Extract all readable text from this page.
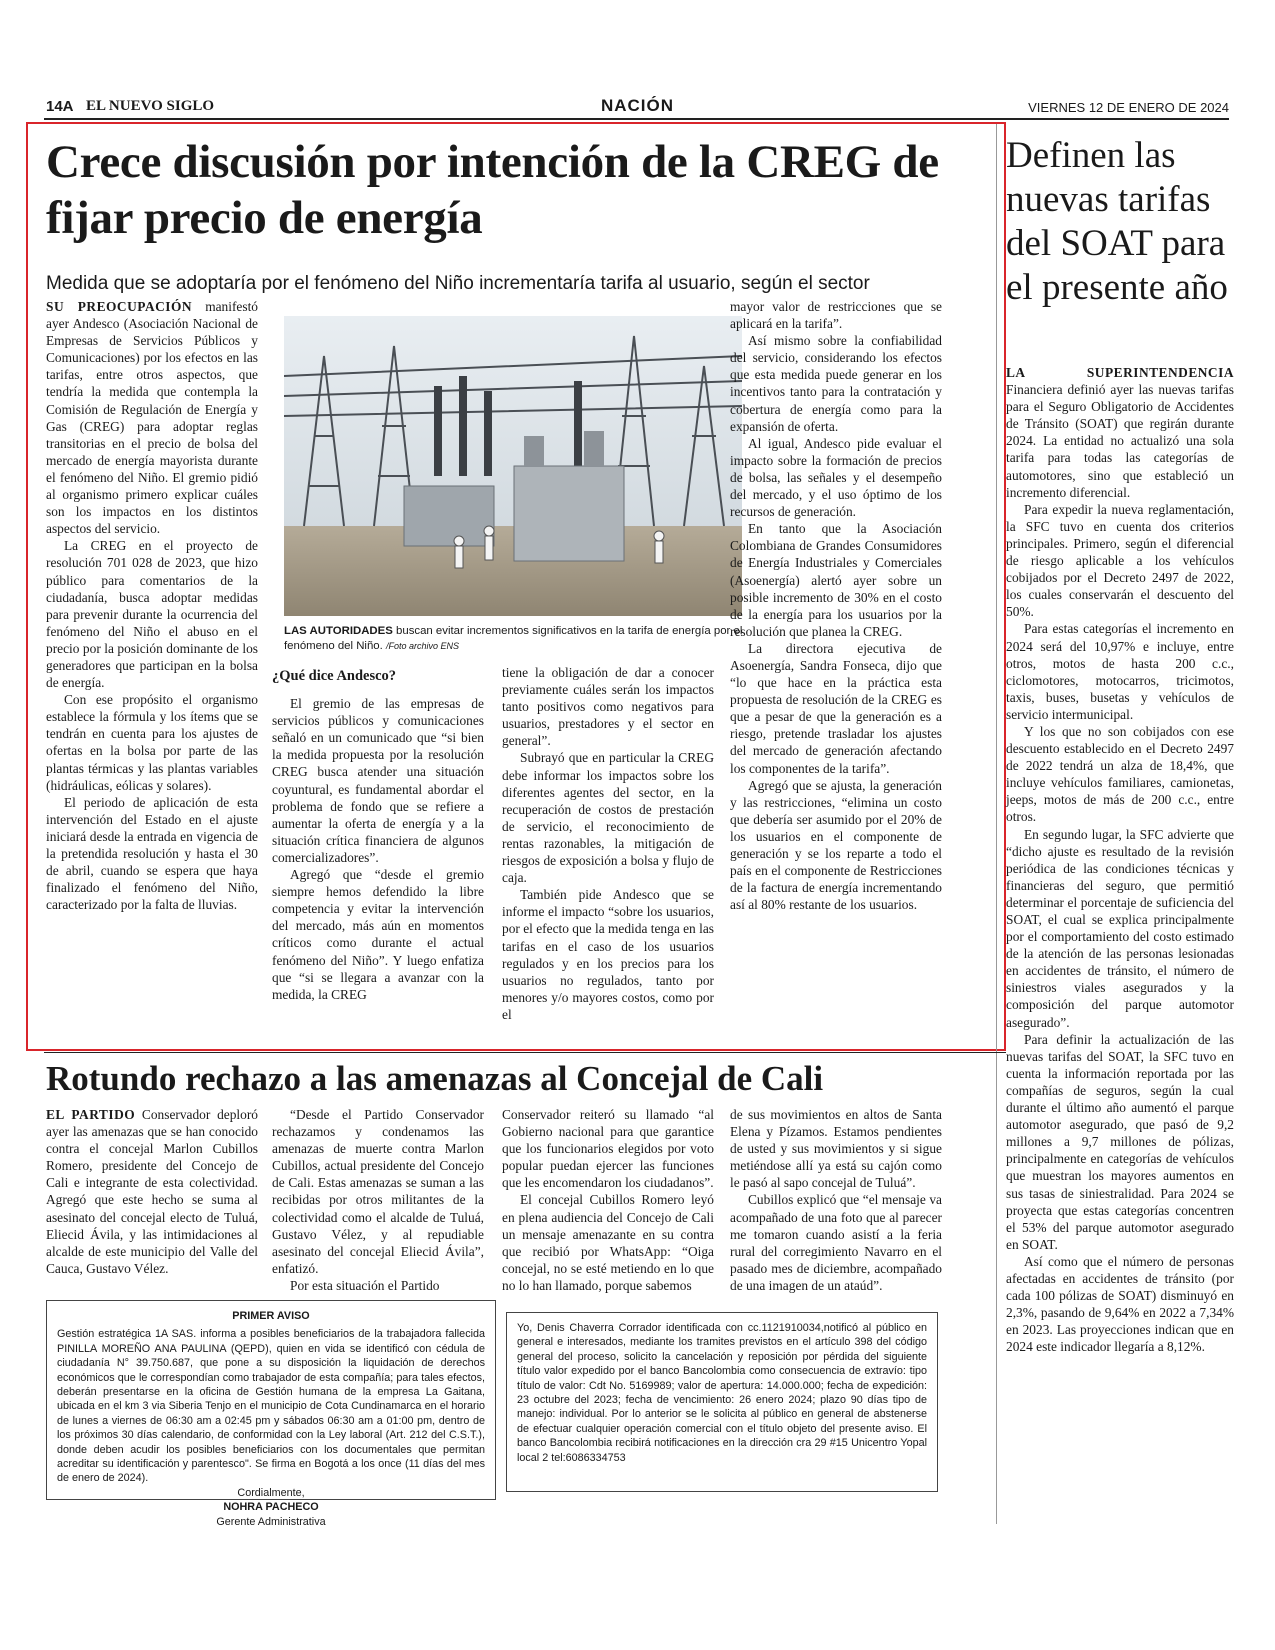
14A EL NUEVO SIGLO	NACIÓN	VIERNES 12 DE ENERO DE 2024
Crece discusión por intención de la CREG de fijar precio de energía
Medida que se adoptaría por el fenómeno del Niño incrementaría tarifa al usuario, según el sector

SU PREOCUPACIÓN manifestó ayer Andesco (Asociación Nacional de Empresas de Servicios Públicos y Comunicaciones) por los efectos en las tarifas, entre otros aspectos, que tendría la medida que contempla la Comisión de Regulación de Energía y Gas (CREG) para adoptar reglas transitorias en el precio de bolsa del mercado de energía mayorista durante el fenómeno del Niño. El gremio pidió al organismo primero explicar cuáles son los impactos en los distintos aspectos del servicio.

La CREG en el proyecto de resolución 701 028 de 2023, que hizo público para comentarios de la ciudadanía, busca adoptar medidas para prevenir durante la ocurrencia del fenómeno del Niño el abuso en el precio por la posición dominante de los generadores que participan en la bolsa de energía.

Con ese propósito el organismo establece la fórmula y los ítems que se tendrán en cuenta para los ajustes de ofertas en la bolsa por parte de las plantas térmicas y las plantas variables (hidráulicas, eólicas y solares).

El periodo de aplicación de esta intervención del Estado en el ajuste iniciará desde la entrada en vigencia de la pretendida resolución y hasta el 30 de abril, cuando se espera que haya finalizado el fenómeno del Niño, caracterizado por la falta de lluvias.

LAS AUTORIDADES buscan evitar incrementos significativos en la tarifa de energía por el fenómeno del Niño. /Foto archivo ENS
¿Qué dice Andesco?

El gremio de las empresas de servicios públicos y comunicaciones señaló en un comunicado que “si bien la medida propuesta por la resolución CREG busca atender una situación coyuntural, es fundamental abordar el problema de fondo que se refiere a aumentar la oferta de energía y a la situación crítica financiera de algunos comercializadores”.

Agregó que “desde el gremio siempre hemos defendido la libre competencia y evitar la intervención del mercado, más aún en momentos críticos como durante el actual fenómeno del Niño”. Y luego enfatiza que “si se llegara a avanzar con la medida, la CREG

tiene la obligación de dar a conocer previamente cuáles serán los impactos tanto positivos como negativos para usuarios, prestadores y el sector en general”.

Subrayó que en particular la CREG debe informar los impactos sobre los diferentes agentes del sector, en la recuperación de costos de prestación de servicio, el reconocimiento de rentas razonables, la mitigación de riesgos de exposición a bolsa y flujo de caja.

También pide Andesco que se informe el impacto “sobre los usuarios, por el efecto que la medida tenga en las tarifas en el caso de los usuarios regulados y en los precios para los usuarios no regulados, tanto por menores y/o mayores costos, como por el

mayor valor de restricciones que se aplicará en la tarifa”.

Así mismo sobre la confiabilidad del servicio, considerando los efectos que esta medida puede generar en los incentivos tanto para la contratación y cobertura de energía como para la expansión de oferta.

Al igual, Andesco pide evaluar el impacto sobre la formación de precios de bolsa, las señales y el desempeño del mercado, y el uso óptimo de los recursos de generación.

En tanto que la Asociación Colombiana de Grandes Consumidores de Energía Industriales y Comerciales (Asoenergía) alertó ayer sobre un posible incremento de 30% en el costo de la energía para los usuarios por la resolución que planea la CREG.

La directora ejecutiva de Asoenergía, Sandra Fonseca, dijo que “lo que hace en la práctica esta propuesta de resolución de la CREG es que a pesar de que la generación es a riesgo, pretende trasladar los ajustes del mercado de generación afectando los componentes de la tarifa”.

Agregó que se ajusta, la generación y las restricciones, “elimina un costo que debería ser asumido por el 20% de los usuarios en el componente de generación y se los reparte a todo el país en el componente de Restricciones de la factura de energía incrementando así al 80% restante de los usuarios.

Definen las nuevas tarifas del SOAT para el presente año

LA SUPERINTENDENCIA Financiera definió ayer las nuevas tarifas para el Seguro Obligatorio de Accidentes de Tránsito (SOAT) que regirán durante 2024. La entidad no actualizó una sola tarifa para todas las categorías de automotores, sino que estableció un incremento diferencial.

Para expedir la nueva reglamentación, la SFC tuvo en cuenta dos criterios principales. Primero, según el diferencial de riesgo aplicable a los vehículos cobijados por el Decreto 2497 de 2022, los cuales conservarán el descuento del 50%.

Para estas categorías el incremento en 2024 será del 10,97% e incluye, entre otros, motos de hasta 200 c.c., ciclomotores, motocarros, tricimotos, taxis, buses, busetas y vehículos de servicio intermunicipal.

Y los que no son cobijados con ese descuento establecido en el Decreto 2497 de 2022 tendrá un alza de 18,4%, que incluye vehículos familiares, camionetas, jeeps, motos de más de 200 c.c., entre otros.

En segundo lugar, la SFC advierte que “dicho ajuste es resultado de la revisión periódica de las condiciones técnicas y financieras del seguro, que permitió determinar el porcentaje de suficiencia del SOAT, el cual se explica principalmente por el comportamiento del costo estimado de la atención de las personas lesionadas en accidentes de tránsito, el número de siniestros viales asegurados y la composición del parque automotor asegurado”.

Para definir la actualización de las nuevas tarifas del SOAT, la SFC tuvo en cuenta la información reportada por las compañías de seguros, según la cual durante el último año aumentó el parque automotor asegurado, que pasó de 9,2 millones a 9,7 millones de pólizas, principalmente en categorías de vehículos que muestran los mayores aumentos en sus tasas de siniestralidad. Para 2024 se proyecta que estas categorías concentren el 53% del parque automotor asegurado en SOAT.

Así como que el número de personas afectadas en accidentes de tránsito (por cada 100 pólizas de SOAT) disminuyó en 2,3%, pasando de 9,64% en 2022 a 7,34% en 2023. Las proyecciones indican que en 2024 este indicador llegaría a 8,12%.

Rotundo rechazo a las amenazas al Concejal de Cali

EL PARTIDO Conservador deploró ayer las amenazas que se han conocido contra el concejal Marlon Cubillos Romero, presidente del Concejo de Cali e integrante de esta colectividad. Agregó que este hecho se suma al asesinato del concejal electo de Tuluá, Eliecid Ávila, y las intimidaciones al alcalde de este municipio del Valle del Cauca, Gustavo Vélez.

“Desde el Partido Conservador rechazamos y condenamos las amenazas de muerte contra Marlon Cubillos, actual presidente del Concejo de Cali. Estas amenazas se suman a las recibidas por otros militantes de la colectividad como el alcalde de Tuluá, Gustavo Vélez, y al repudiable asesinato del concejal Eliecid Ávila”, enfatizó.

Por esta situación el Partido

Conservador reiteró su llamado “al Gobierno nacional para que garantice que los funcionarios elegidos por voto popular puedan ejercer las funciones que les encomendaron los ciudadanos”.

El concejal Cubillos Romero leyó en plena audiencia del Concejo de Cali un mensaje amenazante en su contra que recibió por WhatsApp: “Oiga concejal, no se esté metiendo en lo que no lo han llamado, porque sabemos

de sus movimientos en altos de Santa Elena y Pízamos. Estamos pendientes de usted y sus movimientos y si sigue metiéndose allí ya está su cajón como le pasó al sapo concejal de Tuluá”.

Cubillos explicó que “el mensaje va acompañado de una foto que al parecer me tomaron cuando asistí a la feria rural del corregimiento Navarro en el pasado mes de diciembre, acompañado de una imagen de un ataúd”.

PRIMER AVISO
Gestión estratégica 1A SAS. informa a posibles beneficiarios de la trabajadora fallecida PINILLA MOREÑO ANA PAULINA (QEPD), quien en vida se identificó con cédula de ciudadanía N° 39.750.687, que pone a su disposición la liquidación de derechos económicos que le correspondían como trabajador de esta compañía; para tales efectos, deberán presentarse en la oficina de Gestión humana de la empresa La Gaitana, ubicada en el km 3 via Siberia Tenjo en el municipio de Cota Cundinamarca en el horario de lunes a viernes de 06:30 am a 02:45 pm y sábados 06:30 am a 01:00 pm, dentro de los próximos 30 días calendario, de conformidad con la Ley laboral (Art. 212 del C.S.T.), donde deben acudir los posibles beneficiarios con los documentales que permitan acreditar su identificación y parentesco". Se firma en Bogotá a los once (11 días del mes de enero de 2024).
Cordialmente,
NOHRA PACHECO
Gerente Administrativa
Yo, Denis Chaverra Corrador identificada con cc.1121910034,notificó al público en general e interesados, mediante los tramites previstos en el artículo 398 del código general del proceso, solicito la cancelación y reposición por pérdida del siguiente título valor expedido por el banco Bancolombia como consecuencia de extravío: tipo título de valor: Cdt No. 5169989; valor de apertura: 14.000.000; fecha de expedición: 23 octubre del 2023; fecha de vencimiento: 26 enero 2024; plazo 90 días tipo de manejo: individual. Por lo anterior se le solicita al público en general de abstenerse de efectuar cualquier operación comercial con el título objeto del presente aviso. El banco Bancolombia recibirá notificaciones en la dirección cra 29 #15 Unicentro Yopal local 2 tel:6086334753
